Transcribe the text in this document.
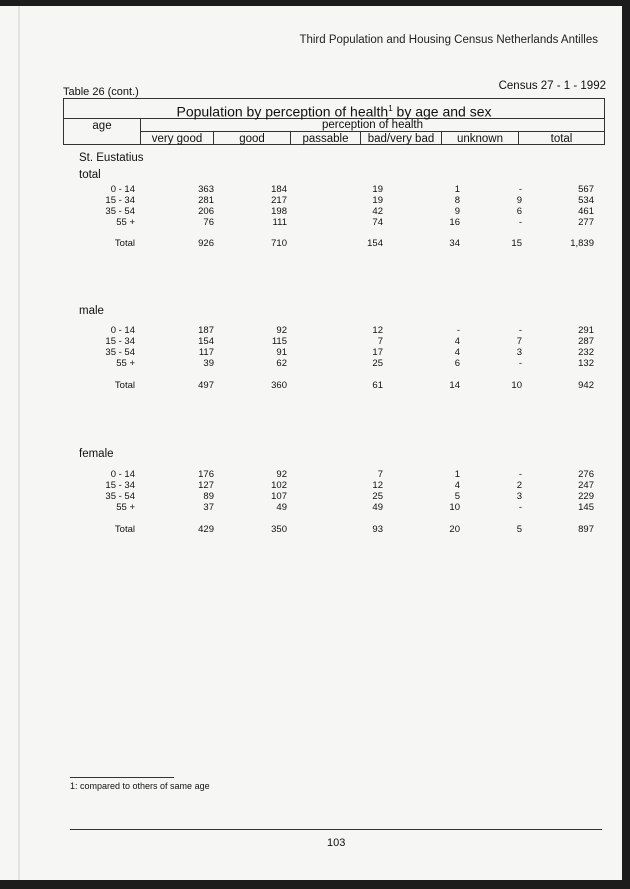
Third Population and Housing Census Netherlands Antilles
Table 26 (cont.)	Census 27 - 1 - 1992
Population by perception of health$^1$ by age and sex
age	perception of health
very good	good	passable	bad/very bad	unknown	total
St. Eustatius
total
0 - 14	363	184	19	1	-	567
15 - 34	281	217	19	8	9	534
35 - 54	206	198	42	9	6	461
55 +	76	111	74	16	-	277
Total	926	710	154	34	15	1,839
male
0 - 14	187	92	12	-	-	291
15 - 34	154	115	7	4	7	287
35 - 54	117	91	17	4	3	232
55 +	39	62	25	6	-	132
Total	497	360	61	14	10	942
female
0 - 14	176	92	7	1	-	276
15 - 34	127	102	12	4	2	247
35 - 54	89	107	25	5	3	229
55 +	37	49	49	10	-	145
Total	429	350	93	20	5	897
1: compared to others of same age
103
